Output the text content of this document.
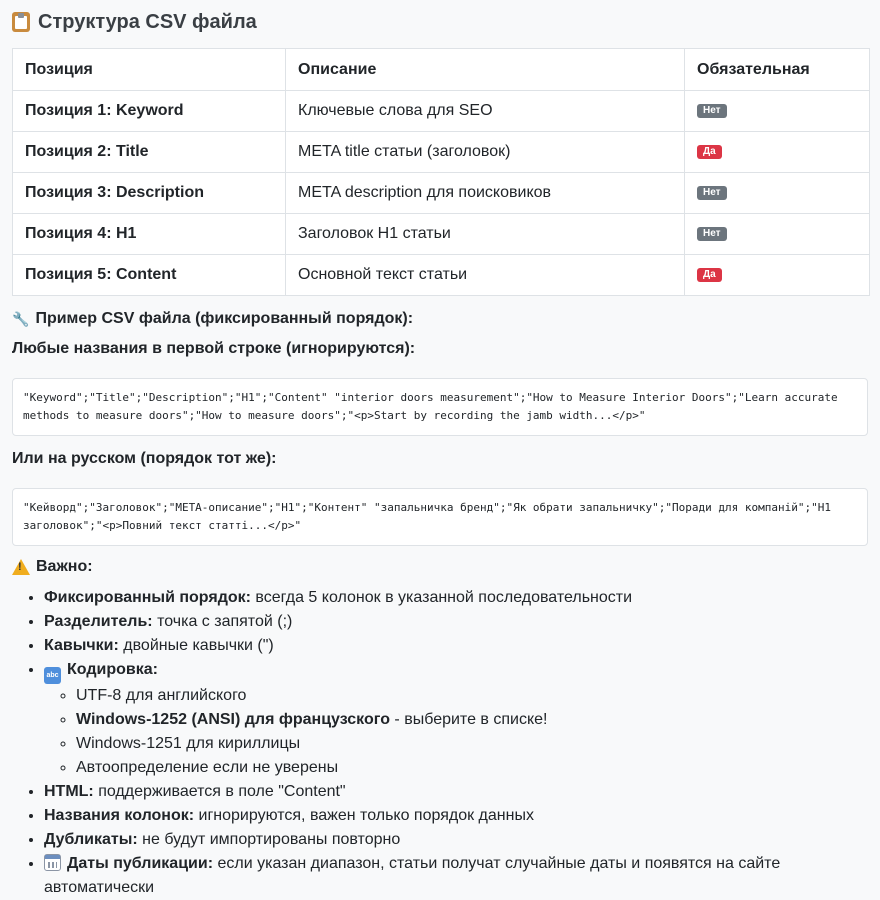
Структура CSV файла
Позиция	Описание	Обязательная
Позиция 1: Keyword	Ключевые слова для SEO	Нет
Позиция 2: Title	META title статьи (заголовок)	Да
Позиция 3: Description	META description для поисковиков	Нет
Позиция 4: H1	Заголовок H1 статьи	Нет
Позиция 5: Content	Основной текст статьи	Да
🔧 Пример CSV файла (фиксированный порядок):
Любые названия в первой строке (игнорируются):
"Keyword";"Title";"Description";"H1";"Content" "interior doors measurement";"How to Measure Interior Doors";"Learn accurate methods to measure doors";"How to measure doors";"<p>Start by recording the jamb width...</p>"
Или на русском (порядок тот же):
"Кейворд";"Заголовок";"МЕТА-описание";"Н1";"Контент" "запальничка бренд";"Як обрати запальничку";"Поради для компаній";"Н1 заголовок";"<p>Повний текст статті...</p>"
!
Важно:
• Фиксированный порядок: всегда 5 колонок в указанной последовательности
• Разделитель: точка с запятой (;)
• Кавычки: двойные кавычки (")
• abc Кодировка:
◦ UTF-8 для английского
◦ Windows-1252 (ANSI) для французского - выберите в списке!
◦ Windows-1251 для кириллицы
◦ Автоопределение если не уверены
• HTML: поддерживается в поле "Content"
• Названия колонок: игнорируются, важен только порядок данных
• Дубликаты: не будут импортированы повторно
• Даты публикации: если указан диапазон, статьи получат случайные даты и появятся на сайте автоматически
